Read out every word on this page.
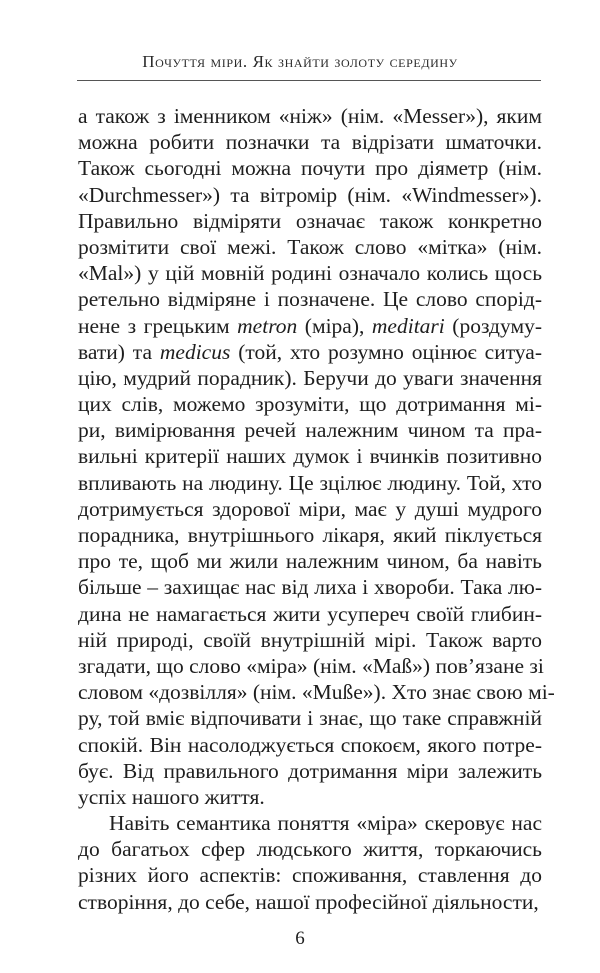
Почуття міри. Як знайти золоту середину
а також з іменником «ніж» (нім. «Messer»), яким
можна робити позначки та відрізати шматочки.
Також сьогодні можна почути про діяметр (нім.
«Durchmesser») та вітромір (нім. «Windmesser»).
Правильно відміряти означає також конкретно
розмітити свої межі. Також слово «мітка» (нім.
«Mal») у цій мовній родині означало колись щось
ретельно відміряне і позначене. Це слово спорід-
нене з грецьким metron (міра), meditari (роздуму-
вати) та medicus (той, хто розумно оцінює ситуа-
цію, мудрий порадник). Беручи до уваги значення
цих слів, можемо зрозуміти, що дотримання мі-
ри, вимірювання речей належним чином та пра-
вильні критерії наших думок і вчинків позитивно
впливають на людину. Це зцілює людину. Той, хто
дотримується здорової міри, має у душі мудрого
порадника, внутрішнього лікаря, який піклується
про те, щоб ми жили належним чином, ба навіть
більше – захищає нас від лиха і хвороби. Така лю-
дина не намагається жити усупереч своїй глибин-
ній природі, своїй внутрішній мірі. Також варто
згадати, що слово «міра» (нім. «Maß») пов’язане зі
словом «дозвілля» (нім. «Muße»). Хто знає свою мі-
ру, той вміє відпочивати і знає, що таке справжній
спокій. Він насолоджується спокоєм, якого потре-
бує. Від правильного дотримання міри залежить
успіх нашого життя.
Навіть семантика поняття «міра» скеровує нас
до багатьох сфер людського життя, торкаючись
різних його аспектів: споживання, ставлення до
створіння, до себе, нашої професійної діяльности,
6
